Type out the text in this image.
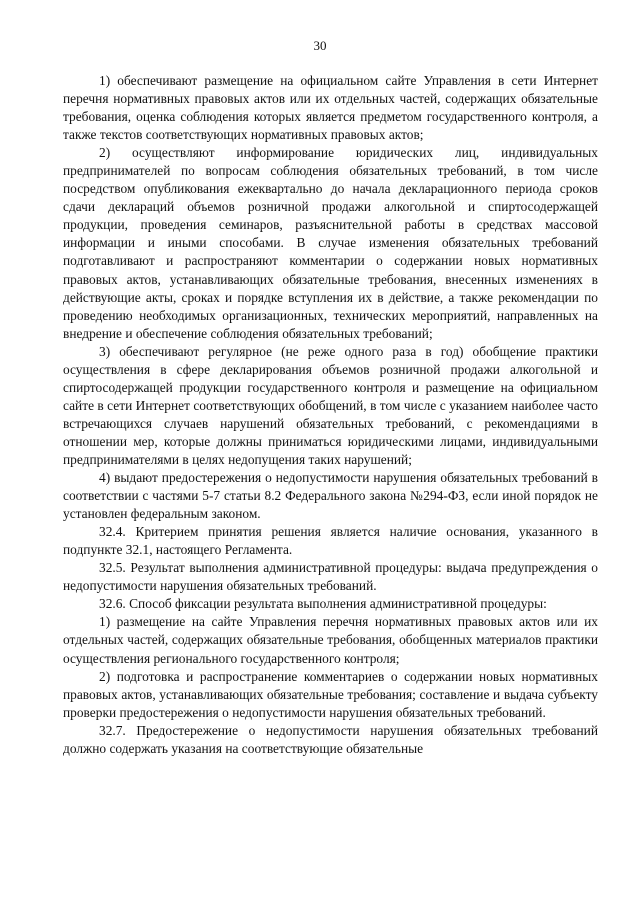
30

1) обеспечивают размещение на официальном сайте Управления в сети Интернет перечня нормативных правовых актов или их отдельных частей, содержащих обязательные требования, оценка соблюдения которых является предметом государственного контроля, а также текстов соответствующих нормативных правовых актов;

2) осуществляют информирование юридических лиц, индивидуальных предпринимателей по вопросам соблюдения обязательных требований, в том числе посредством опубликования ежеквартально до начала декларационного периода сроков сдачи деклараций объемов розничной продажи алкогольной и спиртосодержащей продукции, проведения семинаров, разъяснительной работы в средствах массовой информации и иными способами. В случае изменения обязательных требований подготавливают и распространяют комментарии о содержании новых нормативных правовых актов, устанавливающих обязательные требования, внесенных изменениях в действующие акты, сроках и порядке вступления их в действие, а также рекомендации по проведению необходимых организационных, технических мероприятий, направленных на внедрение и обеспечение соблюдения обязательных требований;

3) обеспечивают регулярное (не реже одного раза в год) обобщение практики осуществления в сфере декларирования объемов розничной продажи алкогольной и спиртосодержащей продукции государственного контроля и размещение на официальном сайте в сети Интернет соответствующих обобщений, в том числе с указанием наиболее часто встречающихся случаев нарушений обязательных требований, с рекомендациями в отношении мер, которые должны приниматься юридическими лицами, индивидуальными предпринимателями в целях недопущения таких нарушений;

4) выдают предостережения о недопустимости нарушения обязательных требований в соответствии с частями 5-7 статьи 8.2 Федерального закона №294-ФЗ, если иной порядок не установлен федеральным законом.

32.4. Критерием принятия решения является наличие основания, указанного в подпункте 32.1, настоящего Регламента.

32.5. Результат выполнения административной процедуры: выдача предупреждения о недопустимости нарушения обязательных требований.

32.6. Способ фиксации результата выполнения административной процедуры:

1) размещение на сайте Управления перечня нормативных правовых актов или их отдельных частей, содержащих обязательные требования, обобщенных материалов практики осуществления регионального государственного контроля;

2) подготовка и распространение комментариев о содержании новых нормативных правовых актов, устанавливающих обязательные требования; составление и выдача субъекту проверки предостережения о недопустимости нарушения обязательных требований.

32.7. Предостережение о недопустимости нарушения обязательных требований должно содержать указания на соответствующие обязательные
